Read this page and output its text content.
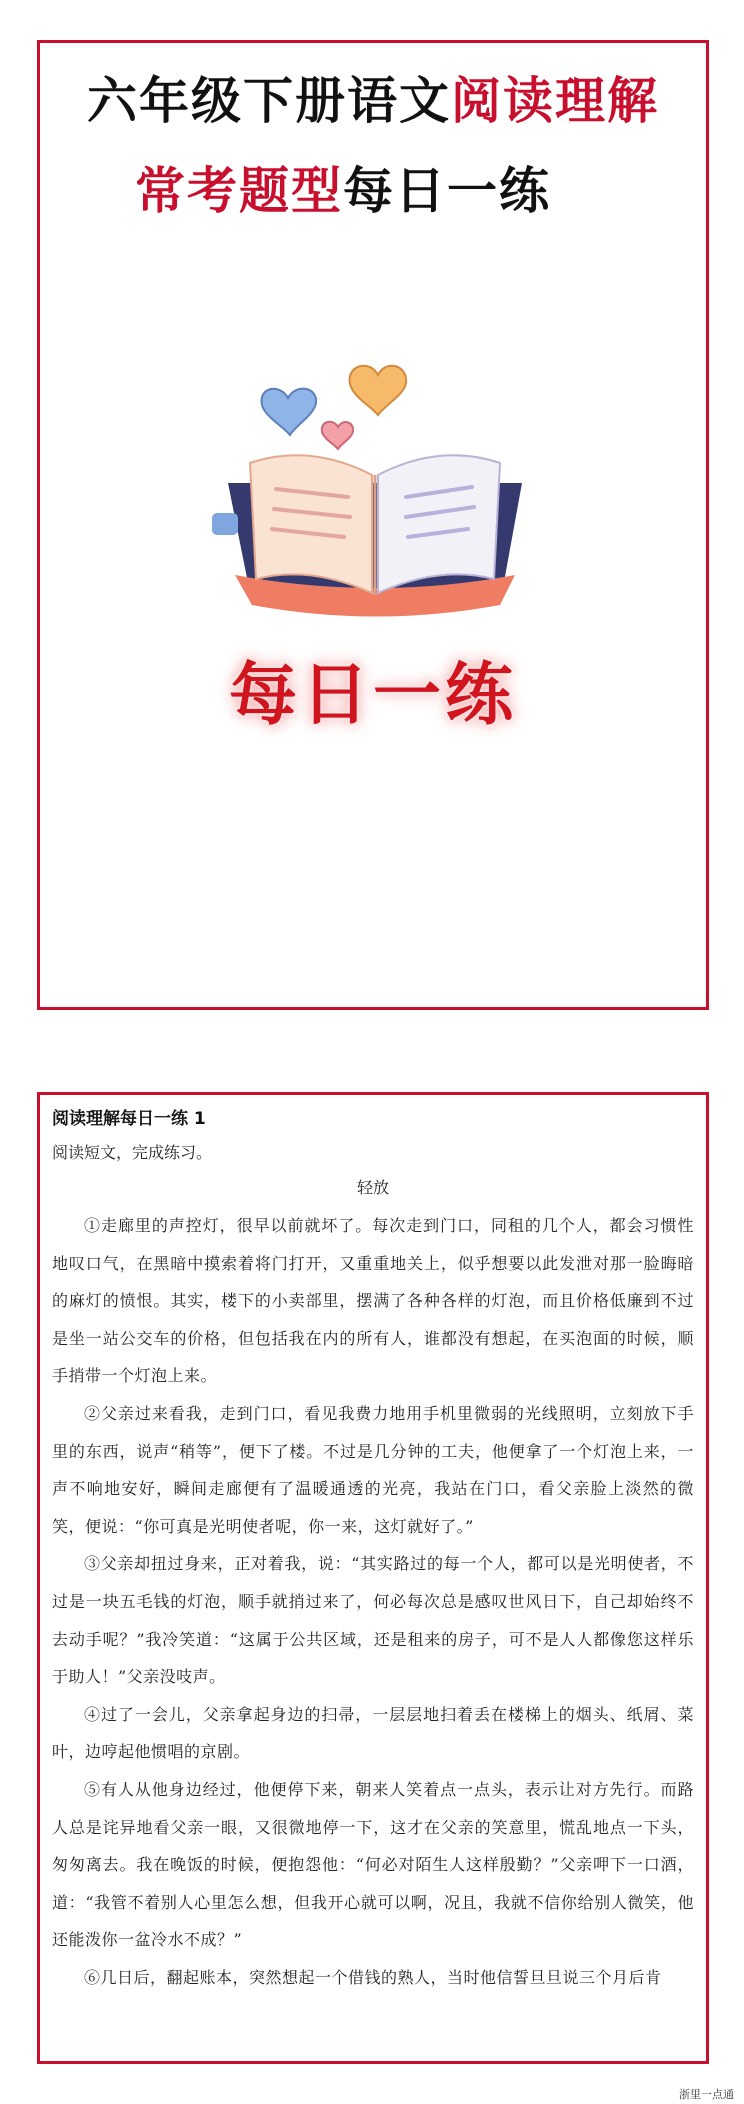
六年级下册语文阅读理解
常考题型每日一练
每日一练
阅读理解每日一练 1
阅读短文，完成练习。
轻放

①走廊里的声控灯，很早以前就坏了。每次走到门口，同租的几个人，都会习惯性地叹口气，在黑暗中摸索着将门打开，又重重地关上，似乎想要以此发泄对那一脸晦暗的麻灯的愤恨。其实，楼下的小卖部里，摆满了各种各样的灯泡，而且价格低廉到不过是坐一站公交车的价格，但包括我在内的所有人，谁都没有想起，在买泡面的时候，顺手捎带一个灯泡上来。

②父亲过来看我，走到门口，看见我费力地用手机里微弱的光线照明，立刻放下手里的东西，说声“稍等”，便下了楼。不过是几分钟的工夫，他便拿了一个灯泡上来，一声不响地安好，瞬间走廊便有了温暖通透的光亮，我站在门口，看父亲脸上淡然的微笑，便说：“你可真是光明使者呢，你一来，这灯就好了。”

③父亲却扭过身来，正对着我，说：“其实路过的每一个人，都可以是光明使者，不过是一块五毛钱的灯泡，顺手就捎过来了，何必每次总是感叹世风日下，自己却始终不去动手呢？”我冷笑道：“这属于公共区域，还是租来的房子，可不是人人都像您这样乐于助人！”父亲没吱声。

④过了一会儿，父亲拿起身边的扫帚，一层层地扫着丢在楼梯上的烟头、纸屑、菜叶，边哼起他惯唱的京剧。

⑤有人从他身边经过，他便停下来，朝来人笑着点一点头，表示让对方先行。而路人总是诧异地看父亲一眼，又很微地停一下，这才在父亲的笑意里，慌乱地点一下头，匆匆离去。我在晚饭的时候，便抱怨他：“何必对陌生人这样殷勤？”父亲呷下一口酒，道：“我管不着别人心里怎么想，但我开心就可以啊，况且，我就不信你给别人微笑，他还能泼你一盆冷水不成？”

⑥几日后，翻起账本，突然想起一个借钱的熟人，当时他信誓旦旦说三个月后肯

浙里一点通
